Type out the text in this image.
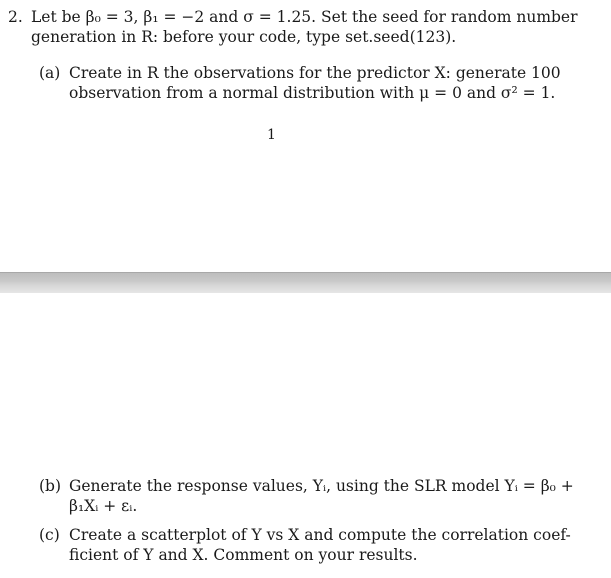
2. Let be β₀ = 3, β₁ = −2 and σ = 1.25. Set the seed for random number
generation in R: before your code, type set.seed(123).
(a) Create in R the observations for the predictor X: generate 100
observation from a normal distribution with μ = 0 and σ² = 1.
1
(b) Generate the response values, Yᵢ, using the SLR model Yᵢ = β₀ +
β₁Xᵢ + εᵢ.
(c) Create a scatterplot of Y vs X and compute the correlation coef-
ficient of Y and X. Comment on your results.
